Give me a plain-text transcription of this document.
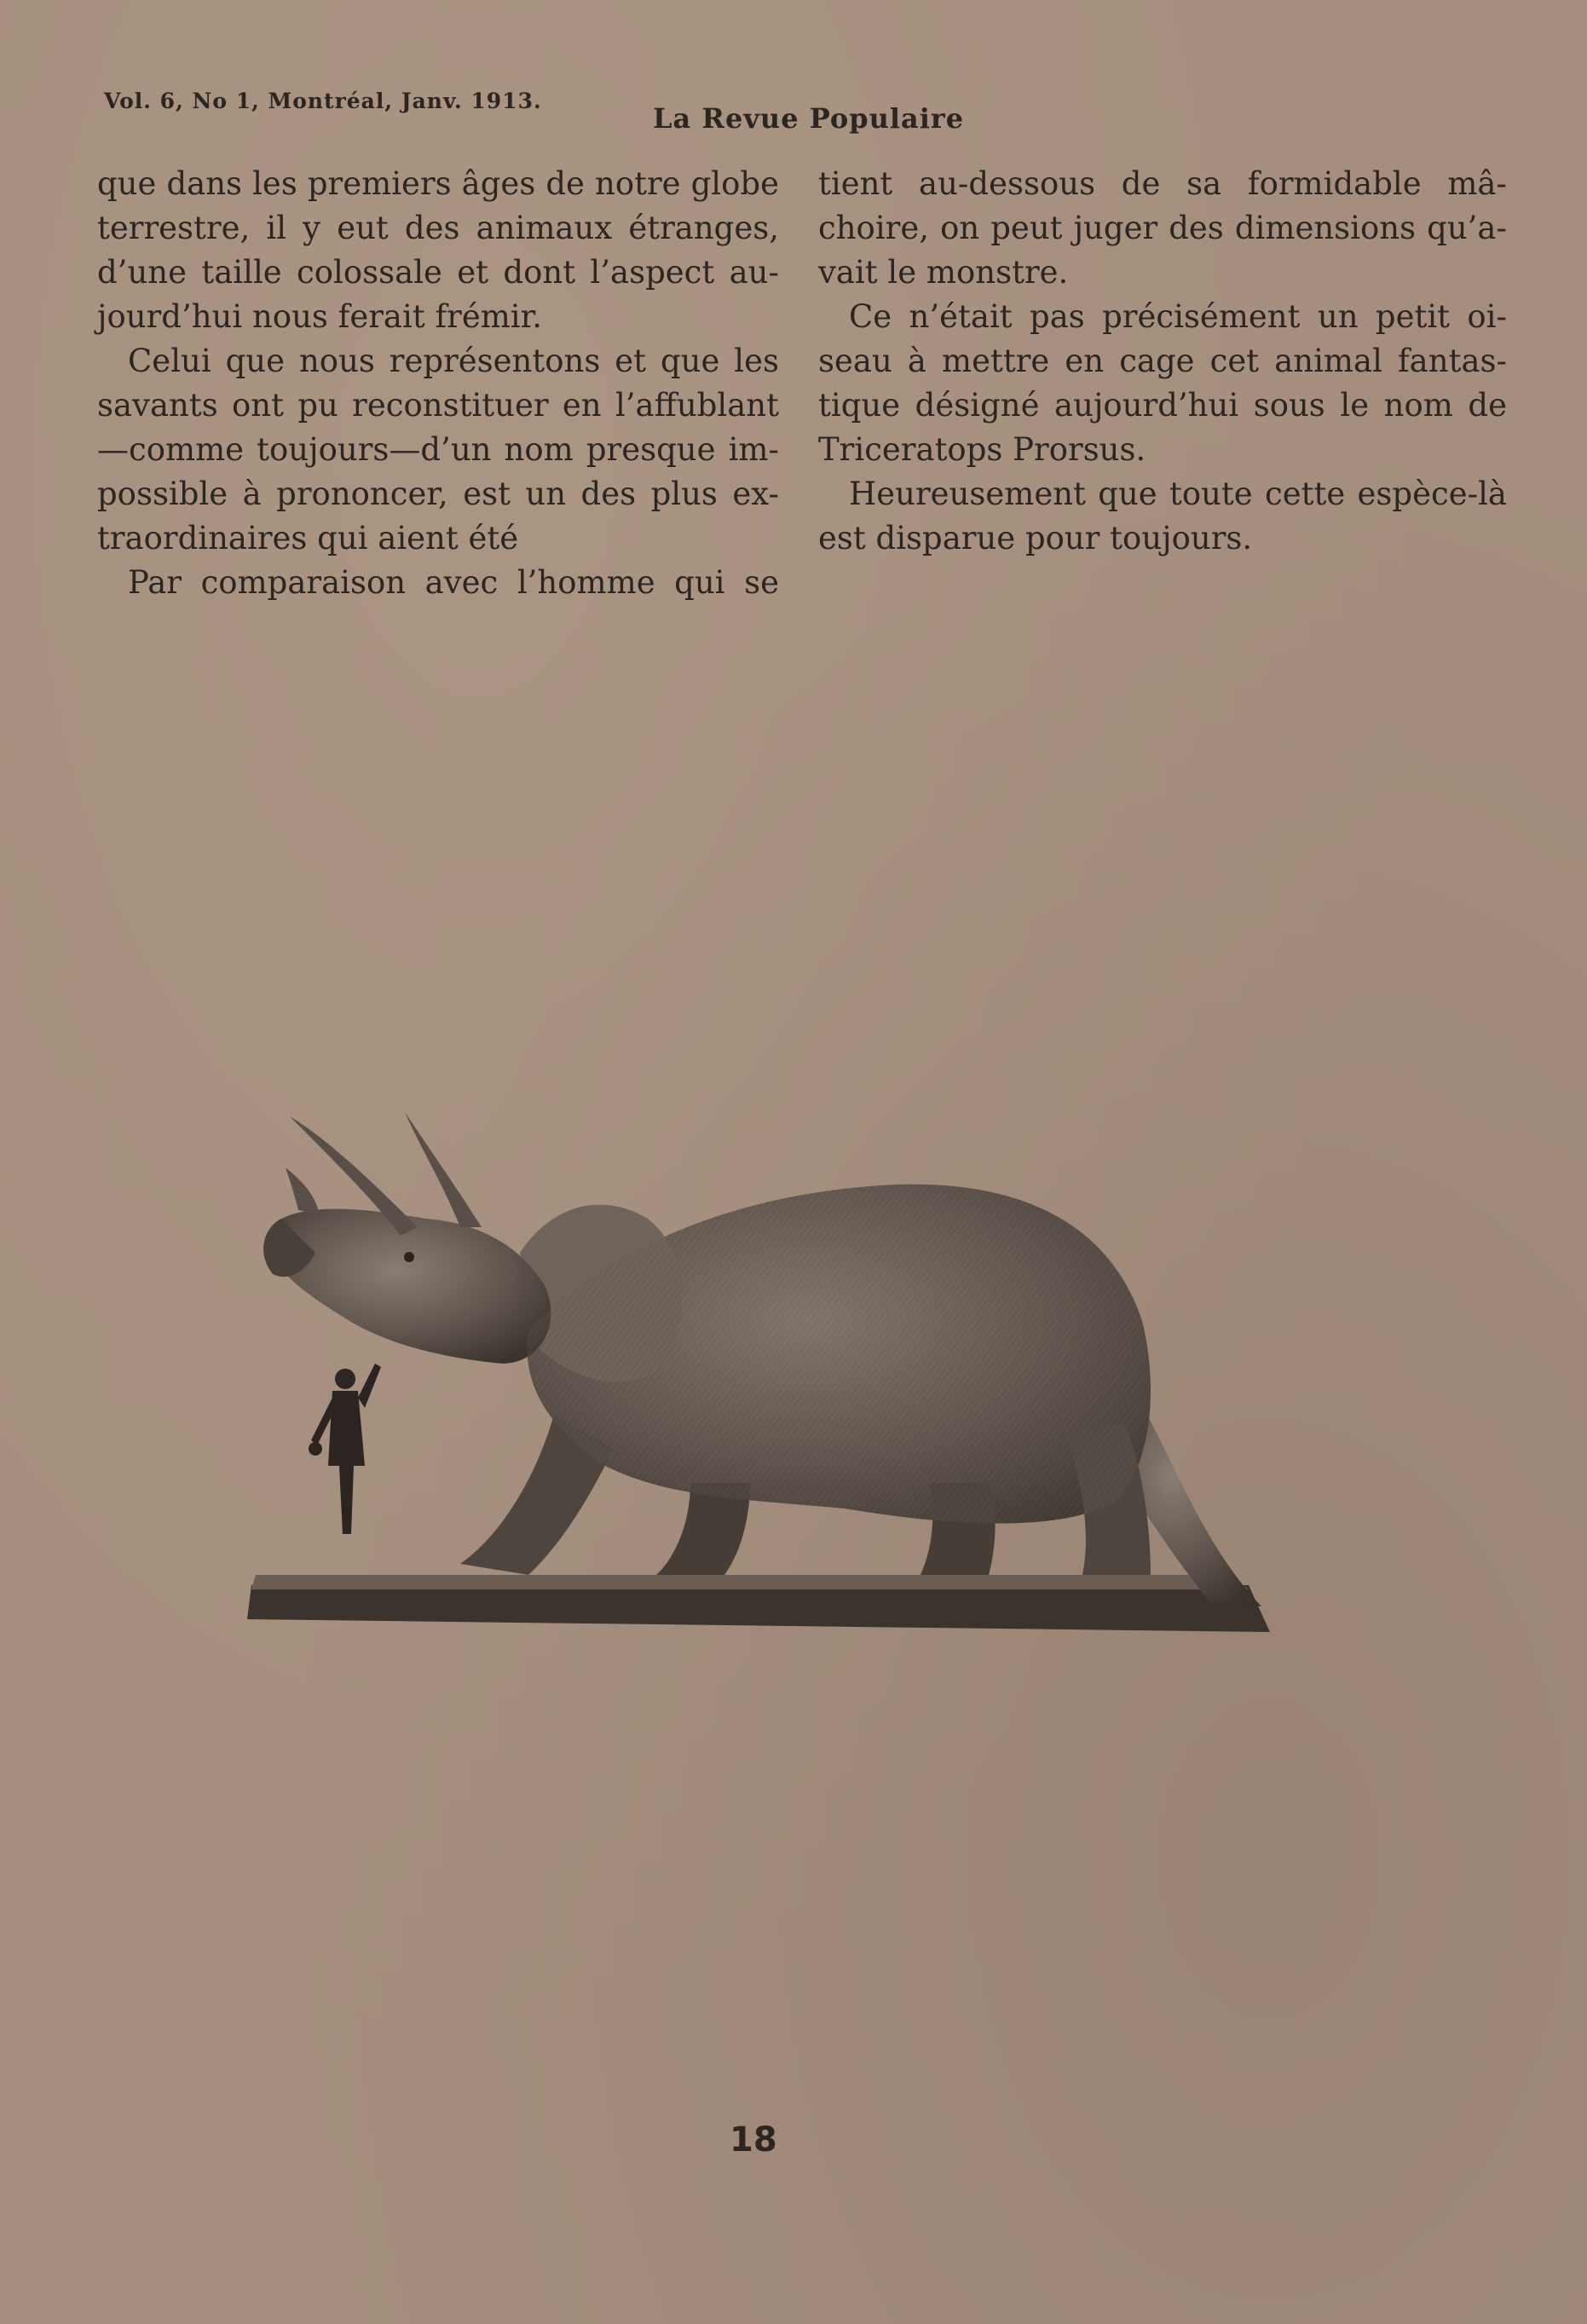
Vol. 6, No 1, Montréal, Janv. 1913.
La Revue Populaire
que dans les premiers âges de notre globe
terrestre, il y eut des animaux étranges,
d’une taille colossale et dont l’aspect au-
jourd’hui nous ferait frémir.
Celui que nous représentons et que les
savants ont pu reconstituer en l’affublant
—comme toujours—d’un nom presque im-
possible à prononcer, est un des plus ex-
traordinaires qui aient été
Par comparaison avec l’homme qui se
tient au-dessous de sa formidable mâ-
choire, on peut juger des dimensions qu’a-
vait le monstre.
Ce n’était pas précisément un petit oi-
seau à mettre en cage cet animal fantas-
tique désigné aujourd’hui sous le nom de
Triceratops Prorsus.
Heureusement que toute cette espèce-là
est disparue pour toujours.
18
